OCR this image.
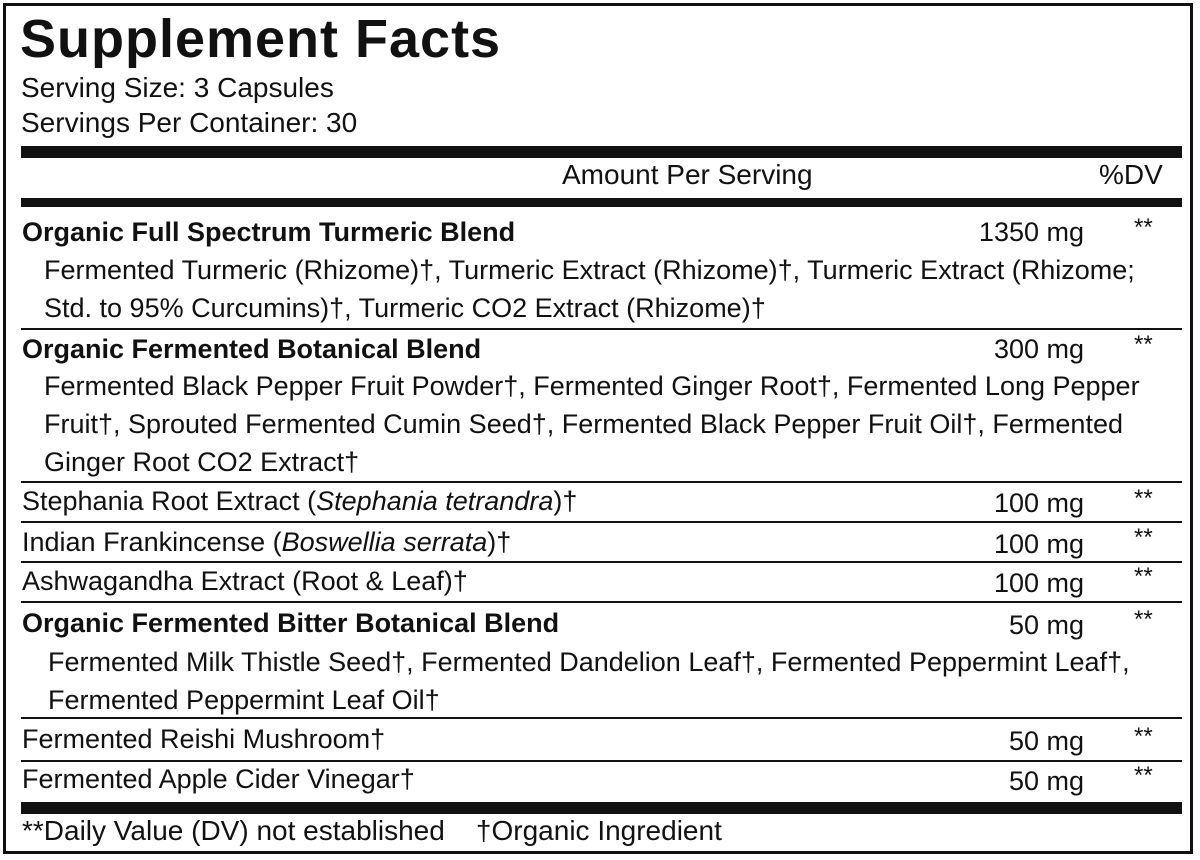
Supplement Facts
Serving Size: 3 Capsules
Servings Per Container: 30
Amount Per Serving	%DV
Organic Full Spectrum Turmeric Blend	1350 mg **
Fermented Turmeric (Rhizome)†, Turmeric Extract (Rhizome)†, Turmeric Extract (Rhizome; Std. to 95% Curcumins)†, Turmeric CO2 Extract (Rhizome)†
Organic Fermented Botanical Blend	300 mg **
Fermented Black Pepper Fruit Powder†, Fermented Ginger Root†, Fermented Long Pepper Fruit†, Sprouted Fermented Cumin Seed†, Fermented Black Pepper Fruit Oil†, Fermented Ginger Root CO2 Extract†
Stephania Root Extract (Stephania tetrandra)†	100 mg **
Indian Frankincense (Boswellia serrata)†	100 mg **
Ashwagandha Extract (Root & Leaf)†	100 mg **
Organic Fermented Bitter Botanical Blend	50 mg **
Fermented Milk Thistle Seed†, Fermented Dandelion Leaf†, Fermented Peppermint Leaf†, Fermented Peppermint Leaf Oil†
Fermented Reishi Mushroom†	50 mg **
Fermented Apple Cider Vinegar†	50 mg **
**Daily Value (DV) not established    †Organic Ingredient
